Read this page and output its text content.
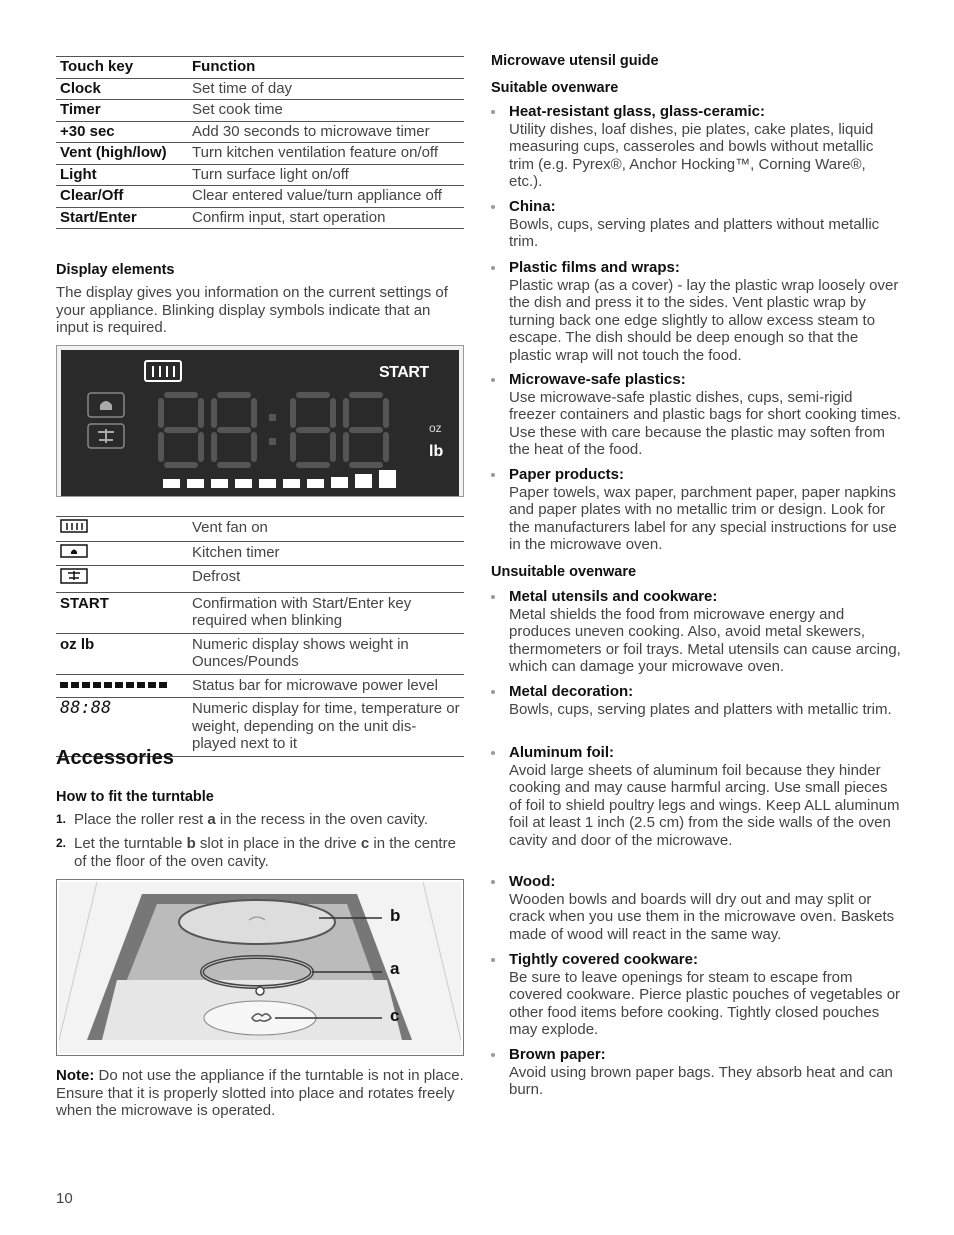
Touch key	Function
Clock	Set time of day
Timer	Set cook time
+30 sec	Add 30 seconds to microwave timer
Vent (high/low)	Turn kitchen ventilation feature on/off
Light	Turn surface light on/off
Clear/Off	Clear entered value/turn appliance off
Start/Enter	Confirm input, start operation
Display elements
The display gives you information on the current settings of your appliance. Blinking display symbols indicate that an input is required.
START
oz
lb
	Vent fan on
	Kitchen timer
	Defrost
START	Confirmation with Start/Enter key required when blinking
oz lb	Numeric display shows weight in Ounces/Pounds
	Status bar for microwave power level
88:88	Numeric display for time, temperature or weight, depending on the unit dis-played next to it
Accessories
How to fit the turntable
1. Place the roller rest a in the recess in the oven cavity.
2. Let the turntable b slot in place in the drive c in the centre of the floor of the oven cavity.
b
a
c
Note: Do not use the appliance if the turntable is not in place. Ensure that it is properly slotted into place and rotates freely when the microwave is operated.
Microwave utensil guide
Suitable ovenware
Heat-resistant glass, glass-ceramic:
Utility dishes, loaf dishes, pie plates, cake plates, liquid measuring cups, casseroles and bowls without metallic trim (e.g. Pyrex®, Anchor Hocking™, Corning Ware®, etc.).
China:
Bowls, cups, serving plates and platters without metallic trim.
Plastic films and wraps:
Plastic wrap (as a cover) - lay the plastic wrap loosely over the dish and press it to the sides. Vent plastic wrap by turning back one edge slightly to allow excess steam to escape. The dish should be deep enough so that the plastic wrap will not touch the food.
Microwave-safe plastics:
Use microwave-safe plastic dishes, cups, semi-rigid freezer containers and plastic bags for short cooking times. Use these with care because the plastic may soften from the heat of the food.
Paper products:
Paper towels, wax paper, parchment paper, paper napkins and paper plates with no metallic trim or design. Look for the manufacturers label for any special instructions for use in the microwave oven.
Unsuitable ovenware
Metal utensils and cookware:
Metal shields the food from microwave energy and produces uneven cooking. Also, avoid metal skewers, thermometers or foil trays. Metal utensils can cause arcing, which can damage your microwave oven.
Metal decoration:
Bowls, cups, serving plates and platters with metallic trim.
Aluminum foil:
Avoid large sheets of aluminum foil because they hinder cooking and may cause harmful arcing. Use small pieces of foil to shield poultry legs and wings. Keep ALL aluminum foil at least 1 inch (2.5 cm) from the side walls of the oven cavity and door of the microwave.
Wood:
Wooden bowls and boards will dry out and may split or crack when you use them in the microwave oven. Baskets made of wood will react in the same way.
Tightly covered cookware:
Be sure to leave openings for steam to escape from covered cookware. Pierce plastic pouches of vegetables or other food items before cooking. Tightly closed pouches may explode.
Brown paper:
Avoid using brown paper bags. They absorb heat and can burn.
10
